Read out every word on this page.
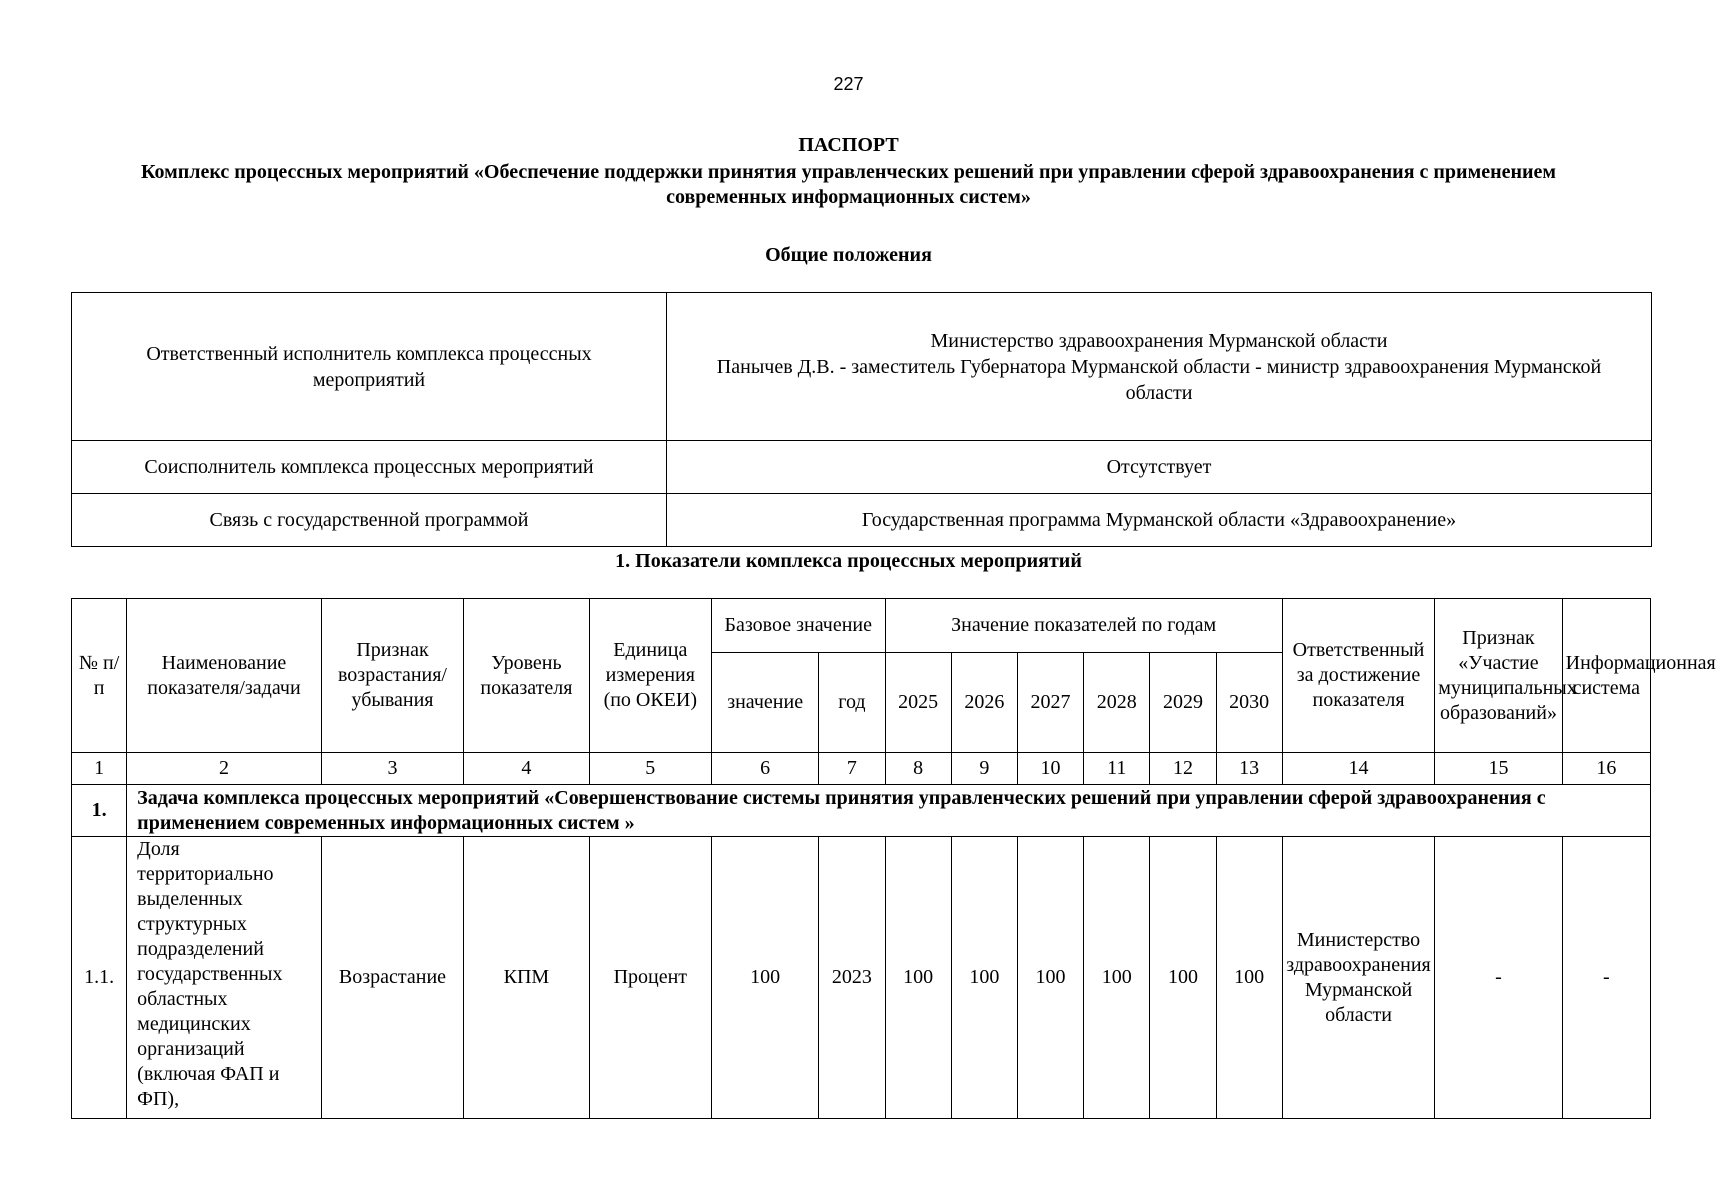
227
ПАСПОРТ
Комплекс процессных мероприятий «Обеспечение поддержки принятия управленческих решений при управлении сферой здравоохранения с применением современных информационных систем»
Общие положения
Ответственный исполнитель комплекса процессных мероприятий	Министерство здравоохранения Мурманской области
Панычев Д.В. - заместитель Губернатора Мурманской области - министр здравоохранения Мурманской области

Соисполнитель комплекса процессных мероприятий	Отсутствует
Связь с государственной программой	Государственная программа Мурманской области «Здравоохранение»
1. Показатели комплекса процессных мероприятий
№ п/п	Наименование показателя/задачи	Признак возрастания/ убывания	Уровень показателя	Единица измерения (по ОКЕИ)	Базовое значение		Значение показателей по годам						Ответственный за достижение показателя	Признак «Участие муниципальных образований»	Информационная система
					значение	год	2025	2026	2027	2028	2029	2030			
1	2	3	4	5	6	7	8	9	10	11	12	13	14	15	16
1.	Задача комплекса процессных мероприятий «Совершенствование системы принятия управленческих решений при управлении сферой здравоохранения с применением современных информационных систем »														
1.1.	Доля территориально выделенных структурных подразделений государственных областных медицинских организаций (включая ФАП и ФП),	Возрастание	КПМ	Процент	100	2023	100	100	100	100	100	100	Министерство здравоохранения Мурманской области	-	-
